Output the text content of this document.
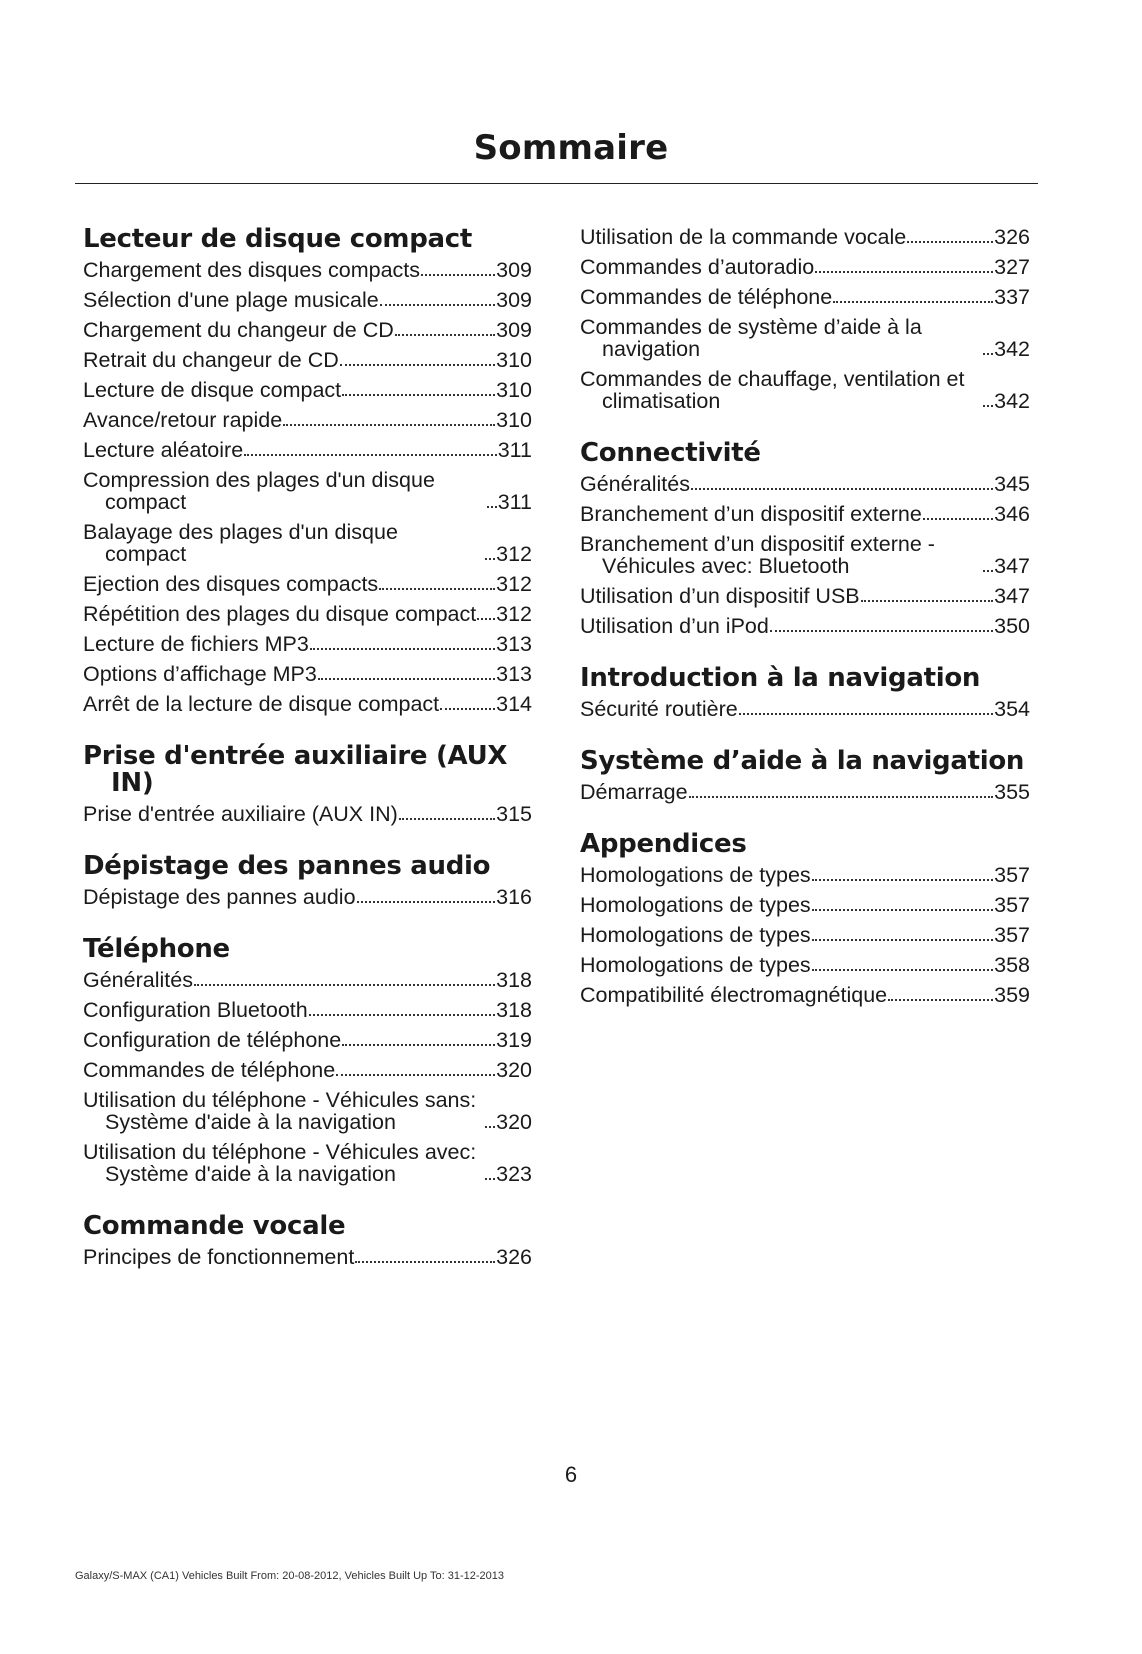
Sommaire
Lecteur de disque compact
Chargement des disques compacts	309
Sélection d'une plage musicale	309
Chargement du changeur de CD	309
Retrait du changeur de CD	310
Lecture de disque compact	310
Avance/retour rapide	310
Lecture aléatoire	311
Compression des plages d'un disque compact	311
Balayage des plages d'un disque compact	312
Ejection des disques compacts	312
Répétition des plages du disque compact 312
Lecture de fichiers MP3	313
Options d’affichage MP3	313
Arrêt de la lecture de disque compact	314
Prise d'entrée auxiliaire (AUX IN)
Prise d'entrée auxiliaire (AUX IN)	315
Dépistage des pannes audio
Dépistage des pannes audio	316
Téléphone
Généralités	318
Configuration Bluetooth	318
Configuration de téléphone	319
Commandes de téléphone	320
Utilisation du téléphone - Véhicules sans: Système d'aide à la navigation	320
Utilisation du téléphone - Véhicules avec: Système d'aide à la navigation	323
Commande vocale
Principes de fonctionnement	326
Utilisation de la commande vocale	326
Commandes d’autoradio	327
Commandes de téléphone	337
Commandes de système d’aide à la navigation	342
Commandes de chauffage, ventilation et climatisation	342
Connectivité
Généralités	345
Branchement d’un dispositif externe	346
Branchement d’un dispositif externe - Véhicules avec: Bluetooth	347
Utilisation d’un dispositif USB	347
Utilisation d’un iPod	350
Introduction à la navigation
Sécurité routière	354
Système d’aide à la navigation
Démarrage	355
Appendices
Homologations de types	357
Homologations de types	357
Homologations de types	357
Homologations de types	358
Compatibilité électromagnétique	359
6
Galaxy/S-MAX (CA1) Vehicles Built From: 20-08-2012, Vehicles Built Up To: 31-12-2013
